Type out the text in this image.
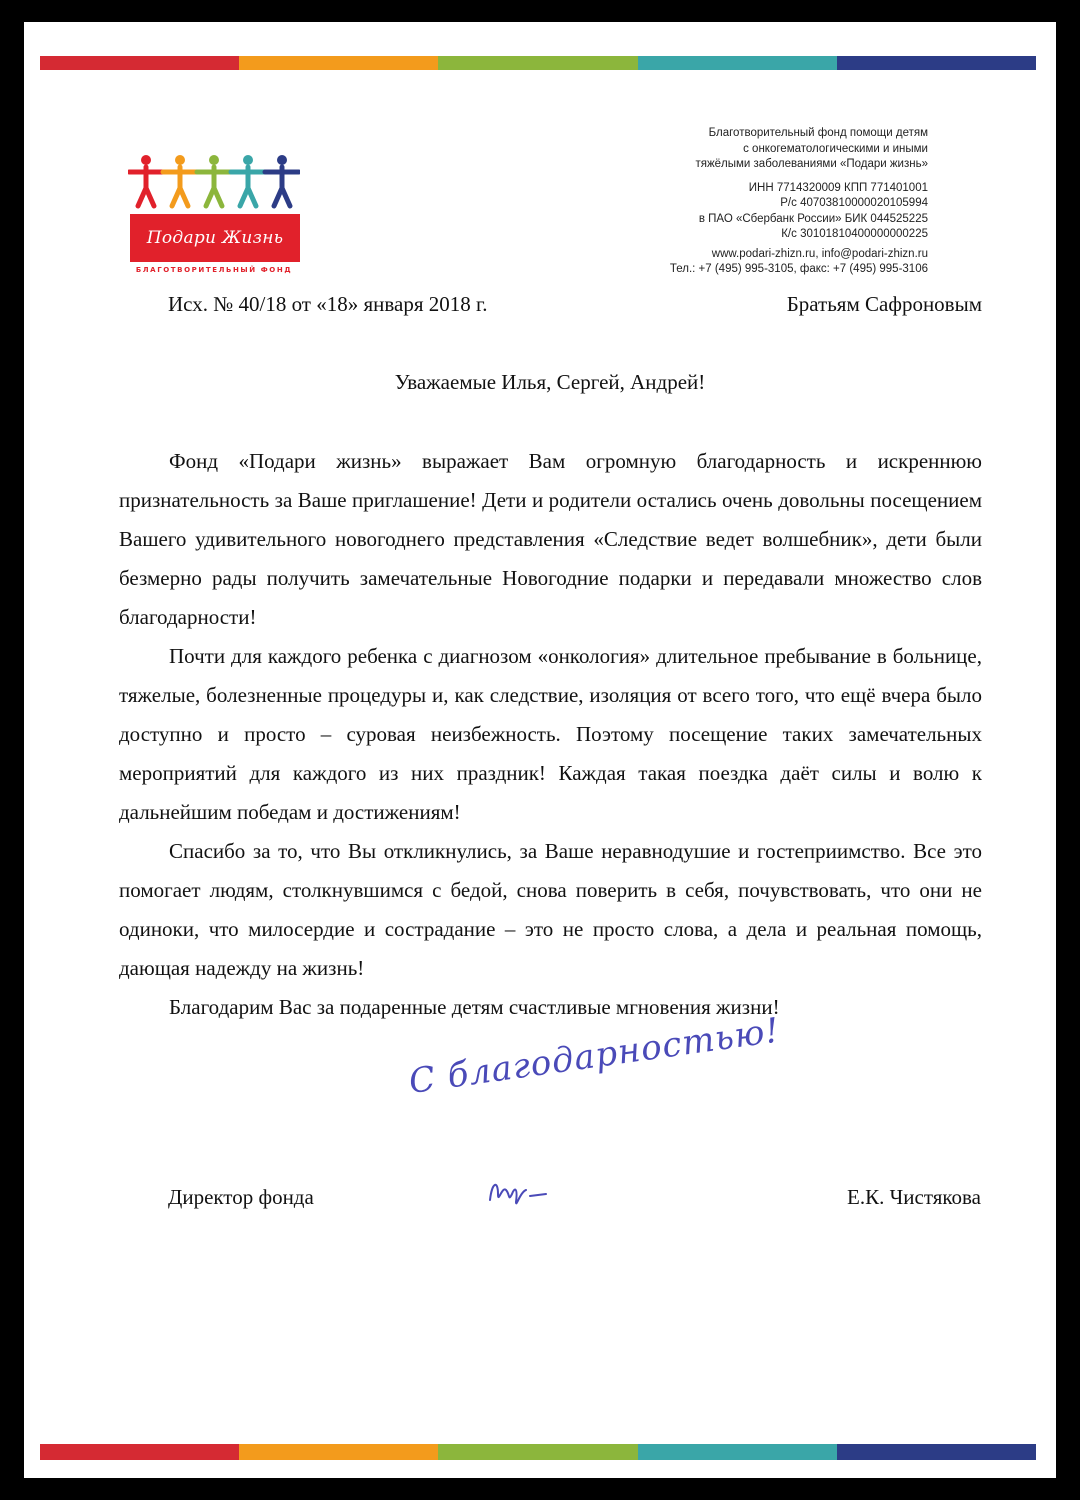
Подари Жизнь
БЛАГОТВОРИТЕЛЬНЫЙ ФОНД

Благотворительный фонд помощи детям

с онкогематологическими и иными

тяжёлыми заболеваниями «Подари жизнь»

ИНН 7714320009 КПП 771401001

Р/с 40703810000020105994

в ПАО «Сбербанк России» БИК 044525225

К/с 30101810400000000225

www.podari-zhizn.ru, info@podari-zhizn.ru

Тел.: +7 (495) 995-3105, факс: +7 (495) 995-3106

Исх. № 40/18 от «18» января 2018 г.	Братьям Сафроновым
Уважаемые Илья, Сергей, Андрей!

Фонд «Подари жизнь» выражает Вам огромную благодарность и искреннюю признательность за Ваше приглашение! Дети и родители остались очень довольны посещением Вашего удивительного новогоднего представления «Следствие ведет волшебник», дети были безмерно рады получить замечательные Новогодние подарки и передавали множество слов благодарности!

Почти для каждого ребенка с диагнозом «онкология» длительное пребывание в больнице, тяжелые, болезненные процедуры и, как следствие, изоляция от всего того, что ещё вчера было доступно и просто – суровая неизбежность. Поэтому посещение таких замечательных мероприятий для каждого из них праздник! Каждая такая поездка даёт силы и волю к дальнейшим победам и достижениям!

Спасибо за то, что Вы откликнулись, за Ваше неравнодушие и гостеприимство. Все это помогает людям, столкнувшимся с бедой, снова поверить в себя, почувствовать, что они не одиноки, что милосердие и сострадание – это не просто слова, а дела и реальная помощь, дающая надежду на жизнь!

Благодарим Вас за подаренные детям счастливые мгновения жизни!

С благодарностью!
Директор фонда	Е.К. Чистякова
